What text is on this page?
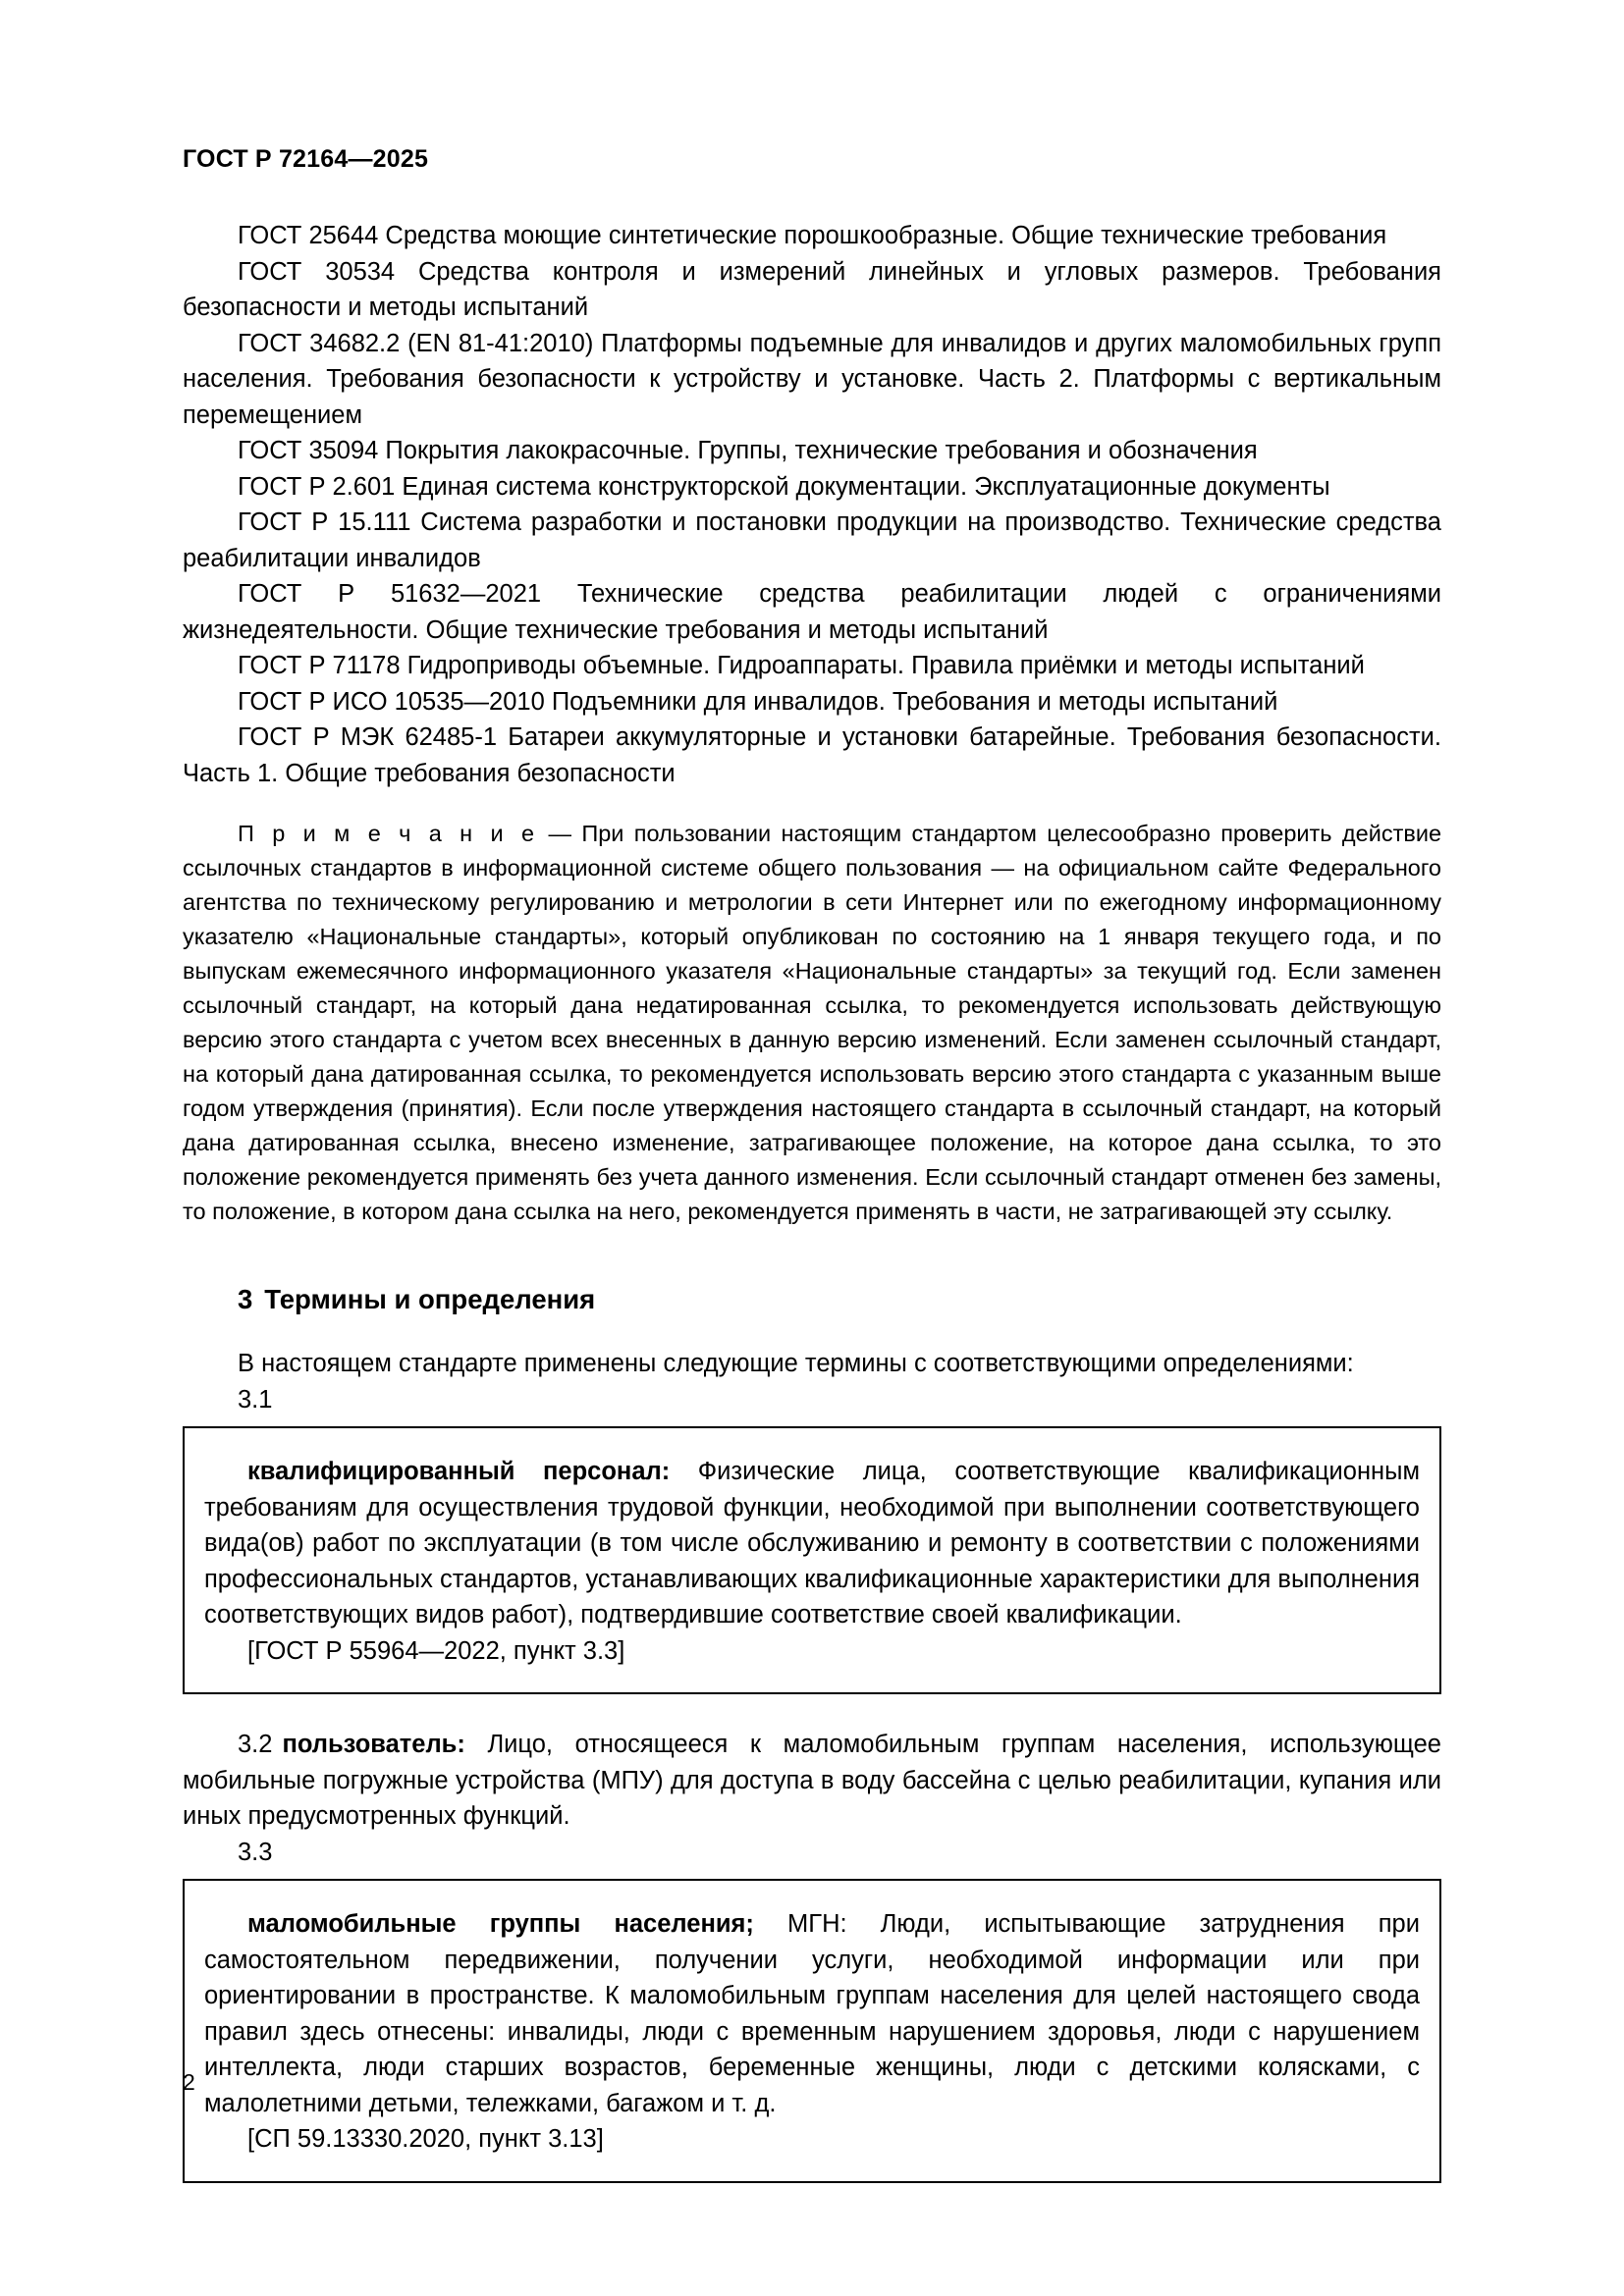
ГОСТ Р 72164—2025

ГОСТ 25644 Средства моющие синтетические порошкообразные. Общие технические требования

ГОСТ 30534 Средства контроля и измерений линейных и угловых размеров. Требования безопасности и методы испытаний

ГОСТ 34682.2 (EN 81-41:2010) Платформы подъемные для инвалидов и других маломобильных групп населения. Требования безопасности к устройству и установке. Часть 2. Платформы с вертикальным перемещением

ГОСТ 35094 Покрытия лакокрасочные. Группы, технические требования и обозначения

ГОСТ Р 2.601 Единая система конструкторской документации. Эксплуатационные документы

ГОСТ Р 15.111 Система разработки и постановки продукции на производство. Технические средства реабилитации инвалидов

ГОСТ Р 51632—2021 Технические средства реабилитации людей с ограничениями жизнедеятельности. Общие технические требования и методы испытаний

ГОСТ Р 71178 Гидроприводы объемные. Гидроаппараты. Правила приёмки и методы испытаний

ГОСТ Р ИСО 10535—2010 Подъемники для инвалидов. Требования и методы испытаний

ГОСТ Р МЭК 62485-1 Батареи аккумуляторные и установки батарейные. Требования безопасности. Часть 1. Общие требования безопасности

П р и м е ч а н и е — При пользовании настоящим стандартом целесообразно проверить действие ссылочных стандартов в информационной системе общего пользования — на официальном сайте Федерального агентства по техническому регулированию и метрологии в сети Интернет или по ежегодному информационному указателю «Национальные стандарты», который опубликован по состоянию на 1 января текущего года, и по выпускам ежемесячного информационного указателя «Национальные стандарты» за текущий год. Если заменен ссылочный стандарт, на который дана недатированная ссылка, то рекомендуется использовать действующую версию этого стандарта с учетом всех внесенных в данную версию изменений. Если заменен ссылочный стандарт, на который дана датированная ссылка, то рекомендуется использовать версию этого стандарта с указанным выше годом утверждения (принятия). Если после утверждения настоящего стандарта в ссылочный стандарт, на который дана датированная ссылка, внесено изменение, затрагивающее положение, на которое дана ссылка, то это положение рекомендуется применять без учета данного изменения. Если ссылочный стандарт отменен без замены, то положение, в котором дана ссылка на него, рекомендуется применять в части, не затрагивающей эту ссылку.

3 Термины и определения

В настоящем стандарте применены следующие термины с соответствующими определениями:

3.1

квалифицированный персонал: Физические лица, соответствующие квалификационным требованиям для осуществления трудовой функции, необходимой при выполнении соответствующего вида(ов) работ по эксплуатации (в том числе обслуживанию и ремонту в соответствии с положениями профессиональных стандартов, устанавливающих квалификационные характеристики для выполнения соответствующих видов работ), подтвердившие соответствие своей квалификации.

[ГОСТ Р 55964—2022, пункт 3.3]

3.2 пользователь: Лицо, относящееся к маломобильным группам населения, использующее мобильные погружные устройства (МПУ) для доступа в воду бассейна с целью реабилитации, купания или иных предусмотренных функций.

3.3

маломобильные группы населения; МГН: Люди, испытывающие затруднения при самостоятельном передвижении, получении услуги, необходимой информации или при ориентировании в пространстве. К маломобильным группам населения для целей настоящего свода правил здесь отнесены: инвалиды, люди с временным нарушением здоровья, люди с нарушением интеллекта, люди старших возрастов, беременные женщины, люди с детскими колясками, с малолетними детьми, тележками, багажом и т. д.

[СП 59.13330.2020, пункт 3.13]

2
